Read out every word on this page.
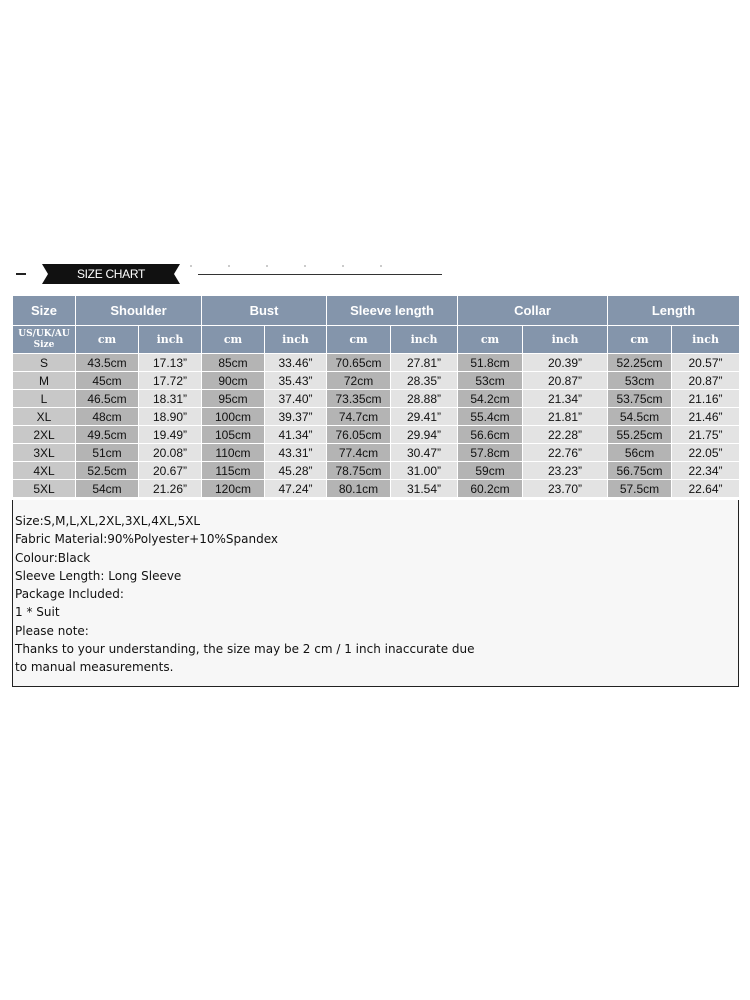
SIZE CHART
Size	Shoulder		Bust		Sleeve length		Collar		Length	
US/UK/AU Size	cm	inch	cm	inch	cm	inch	cm	inch	cm	inch
S	43.5cm	17.13”	85cm	33.46”	70.65cm	27.81”	51.8cm	20.39”	52.25cm	20.57”
M	45cm	17.72”	90cm	35.43”	72cm	28.35”	53cm	20.87”	53cm	20.87”
L	46.5cm	18.31”	95cm	37.40”	73.35cm	28.88”	54.2cm	21.34”	53.75cm	21.16”
XL	48cm	18.90”	100cm	39.37”	74.7cm	29.41”	55.4cm	21.81”	54.5cm	21.46”
2XL	49.5cm	19.49”	105cm	41.34”	76.05cm	29.94”	56.6cm	22.28”	55.25cm	21.75”
3XL	51cm	20.08”	110cm	43.31”	77.4cm	30.47”	57.8cm	22.76”	56cm	22.05”
4XL	52.5cm	20.67”	115cm	45.28”	78.75cm	31.00”	59cm	23.23”	56.75cm	22.34”
5XL	54cm	21.26”	120cm	47.24”	80.1cm	31.54”	60.2cm	23.70”	57.5cm	22.64”
Size:S,M,L,XL,2XL,3XL,4XL,5XL
Fabric Material:90%Polyester+10%Spandex
Colour:Black
Sleeve Length: Long Sleeve
Package Included:
1 * Suit
Please note:
Thanks to your understanding, the size may be 2 cm / 1 inch inaccurate due
to manual measurements.
